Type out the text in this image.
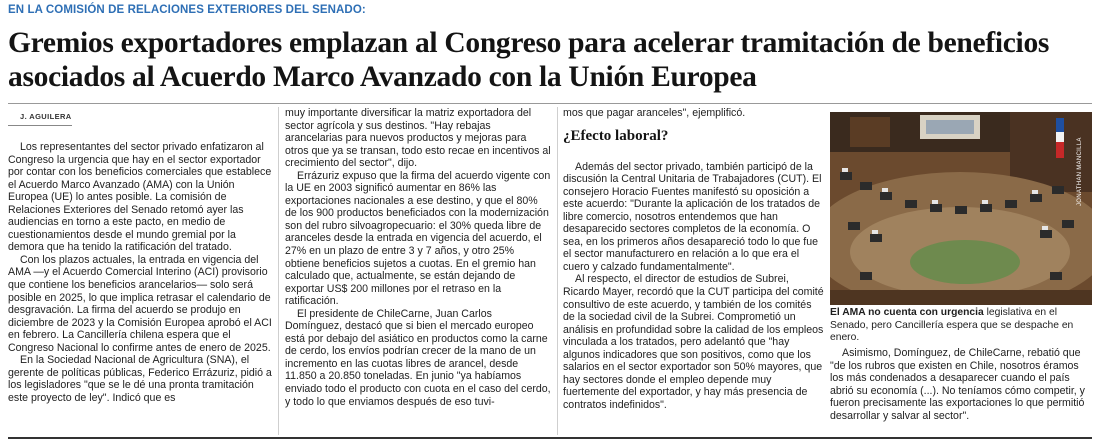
EN LA COMISIÓN DE RELACIONES EXTERIORES DEL SENADO:
Gremios exportadores emplazan al Congreso para acelerar tramitación de beneficios asociados al Acuerdo Marco Avanzado con la Unión Europea
J. AGUILERA

Los representantes del sector privado enfatizaron al Congreso la urgencia que hay en el sector exportador por contar con los beneficios comerciales que establece el Acuerdo Marco Avanzado (AMA) con la Unión Europea (UE) lo antes posible. La comisión de Relaciones Exteriores del Senado retomó ayer las audiencias en torno a este pacto, en medio de cuestionamientos desde el mundo gremial por la demora que ha tenido la ratificación del tratado.

Con los plazos actuales, la entrada en vigencia del AMA —y el Acuerdo Comercial Interino (ACI) provisorio que contiene los beneficios arancelarios— solo será posible en 2025, lo que implica retrasar el calendario de desgravación. La firma del acuerdo se produjo en diciembre de 2023 y la Comisión Europea aprobó el ACI en febrero. La Cancillería chilena espera que el Congreso Nacional lo confirme antes de enero de 2025.

En la Sociedad Nacional de Agricultura (SNA), el gerente de políticas públicas, Federico Errázuriz, pidió a los legisladores "que se le dé una pronta tramitación este proyecto de ley". Indicó que es

muy importante diversificar la matriz exportadora del sector agrícola y sus destinos. "Hay rebajas arancelarias para nuevos productos y mejoras para otros que ya se transan, todo esto recae en incentivos al crecimiento del sector", dijo.

Errázuriz expuso que la firma del acuerdo vigente con la UE en 2003 significó aumentar en 86% las exportaciones nacionales a ese destino, y que el 80% de los 900 productos beneficiados con la modernización son del rubro silvoagropecuario: el 30% queda libre de aranceles desde la entrada en vigencia del acuerdo, el 27% en un plazo de entre 3 y 7 años, y otro 25% obtiene beneficios sujetos a cuotas. En el gremio han calculado que, actualmente, se están dejando de exportar US$ 200 millones por el retraso en la ratificación.

El presidente de ChileCarne, Juan Carlos Domínguez, destacó que si bien el mercado europeo está por debajo del asiático en productos como la carne de cerdo, los envíos podrían crecer de la mano de un incremento en las cuotas libres de arancel, desde 11.850 a 20.850 toneladas. En junio "ya habíamos enviado todo el producto con cuota en el caso del cerdo, y todo lo que enviamos después de eso tuvi-

mos que pagar aranceles", ejemplificó.

¿Efecto laboral?

Además del sector privado, también participó de la discusión la Central Unitaria de Trabajadores (CUT). El consejero Horacio Fuentes manifestó su oposición a este acuerdo: "Durante la aplicación de los tratados de libre comercio, nosotros entendemos que han desaparecido sectores completos de la economía. O sea, en los primeros años desapareció todo lo que fue el sector manufacturero en relación a lo que era el cuero y calzado fundamentalmente".

Al respecto, el director de estudios de Subrei, Ricardo Mayer, recordó que la CUT participa del comité consultivo de este acuerdo, y también de los comités de la sociedad civil de la Subrei. Comprometió un análisis en profundidad sobre la calidad de los empleos vinculada a los tratados, pero adelantó que "hay algunos indicadores que son positivos, como que los salarios en el sector exportador son 50% mayores, que hay sectores donde el empleo depende muy fuertemente del exportador, y hay más presencia de contratos indefinidos".

JONATHAN MANCILLA
El AMA no cuenta con urgencia legislativa en el Senado, pero Cancillería espera que se despache en enero.

Asimismo, Domínguez, de ChileCarne, rebatió que "de los rubros que existen en Chile, nosotros éramos los más condenados a desaparecer cuando el país abrió su economía (...). No teníamos cómo competir, y fueron precisamente las exportaciones lo que permitió desarrollar y salvar al sector".
